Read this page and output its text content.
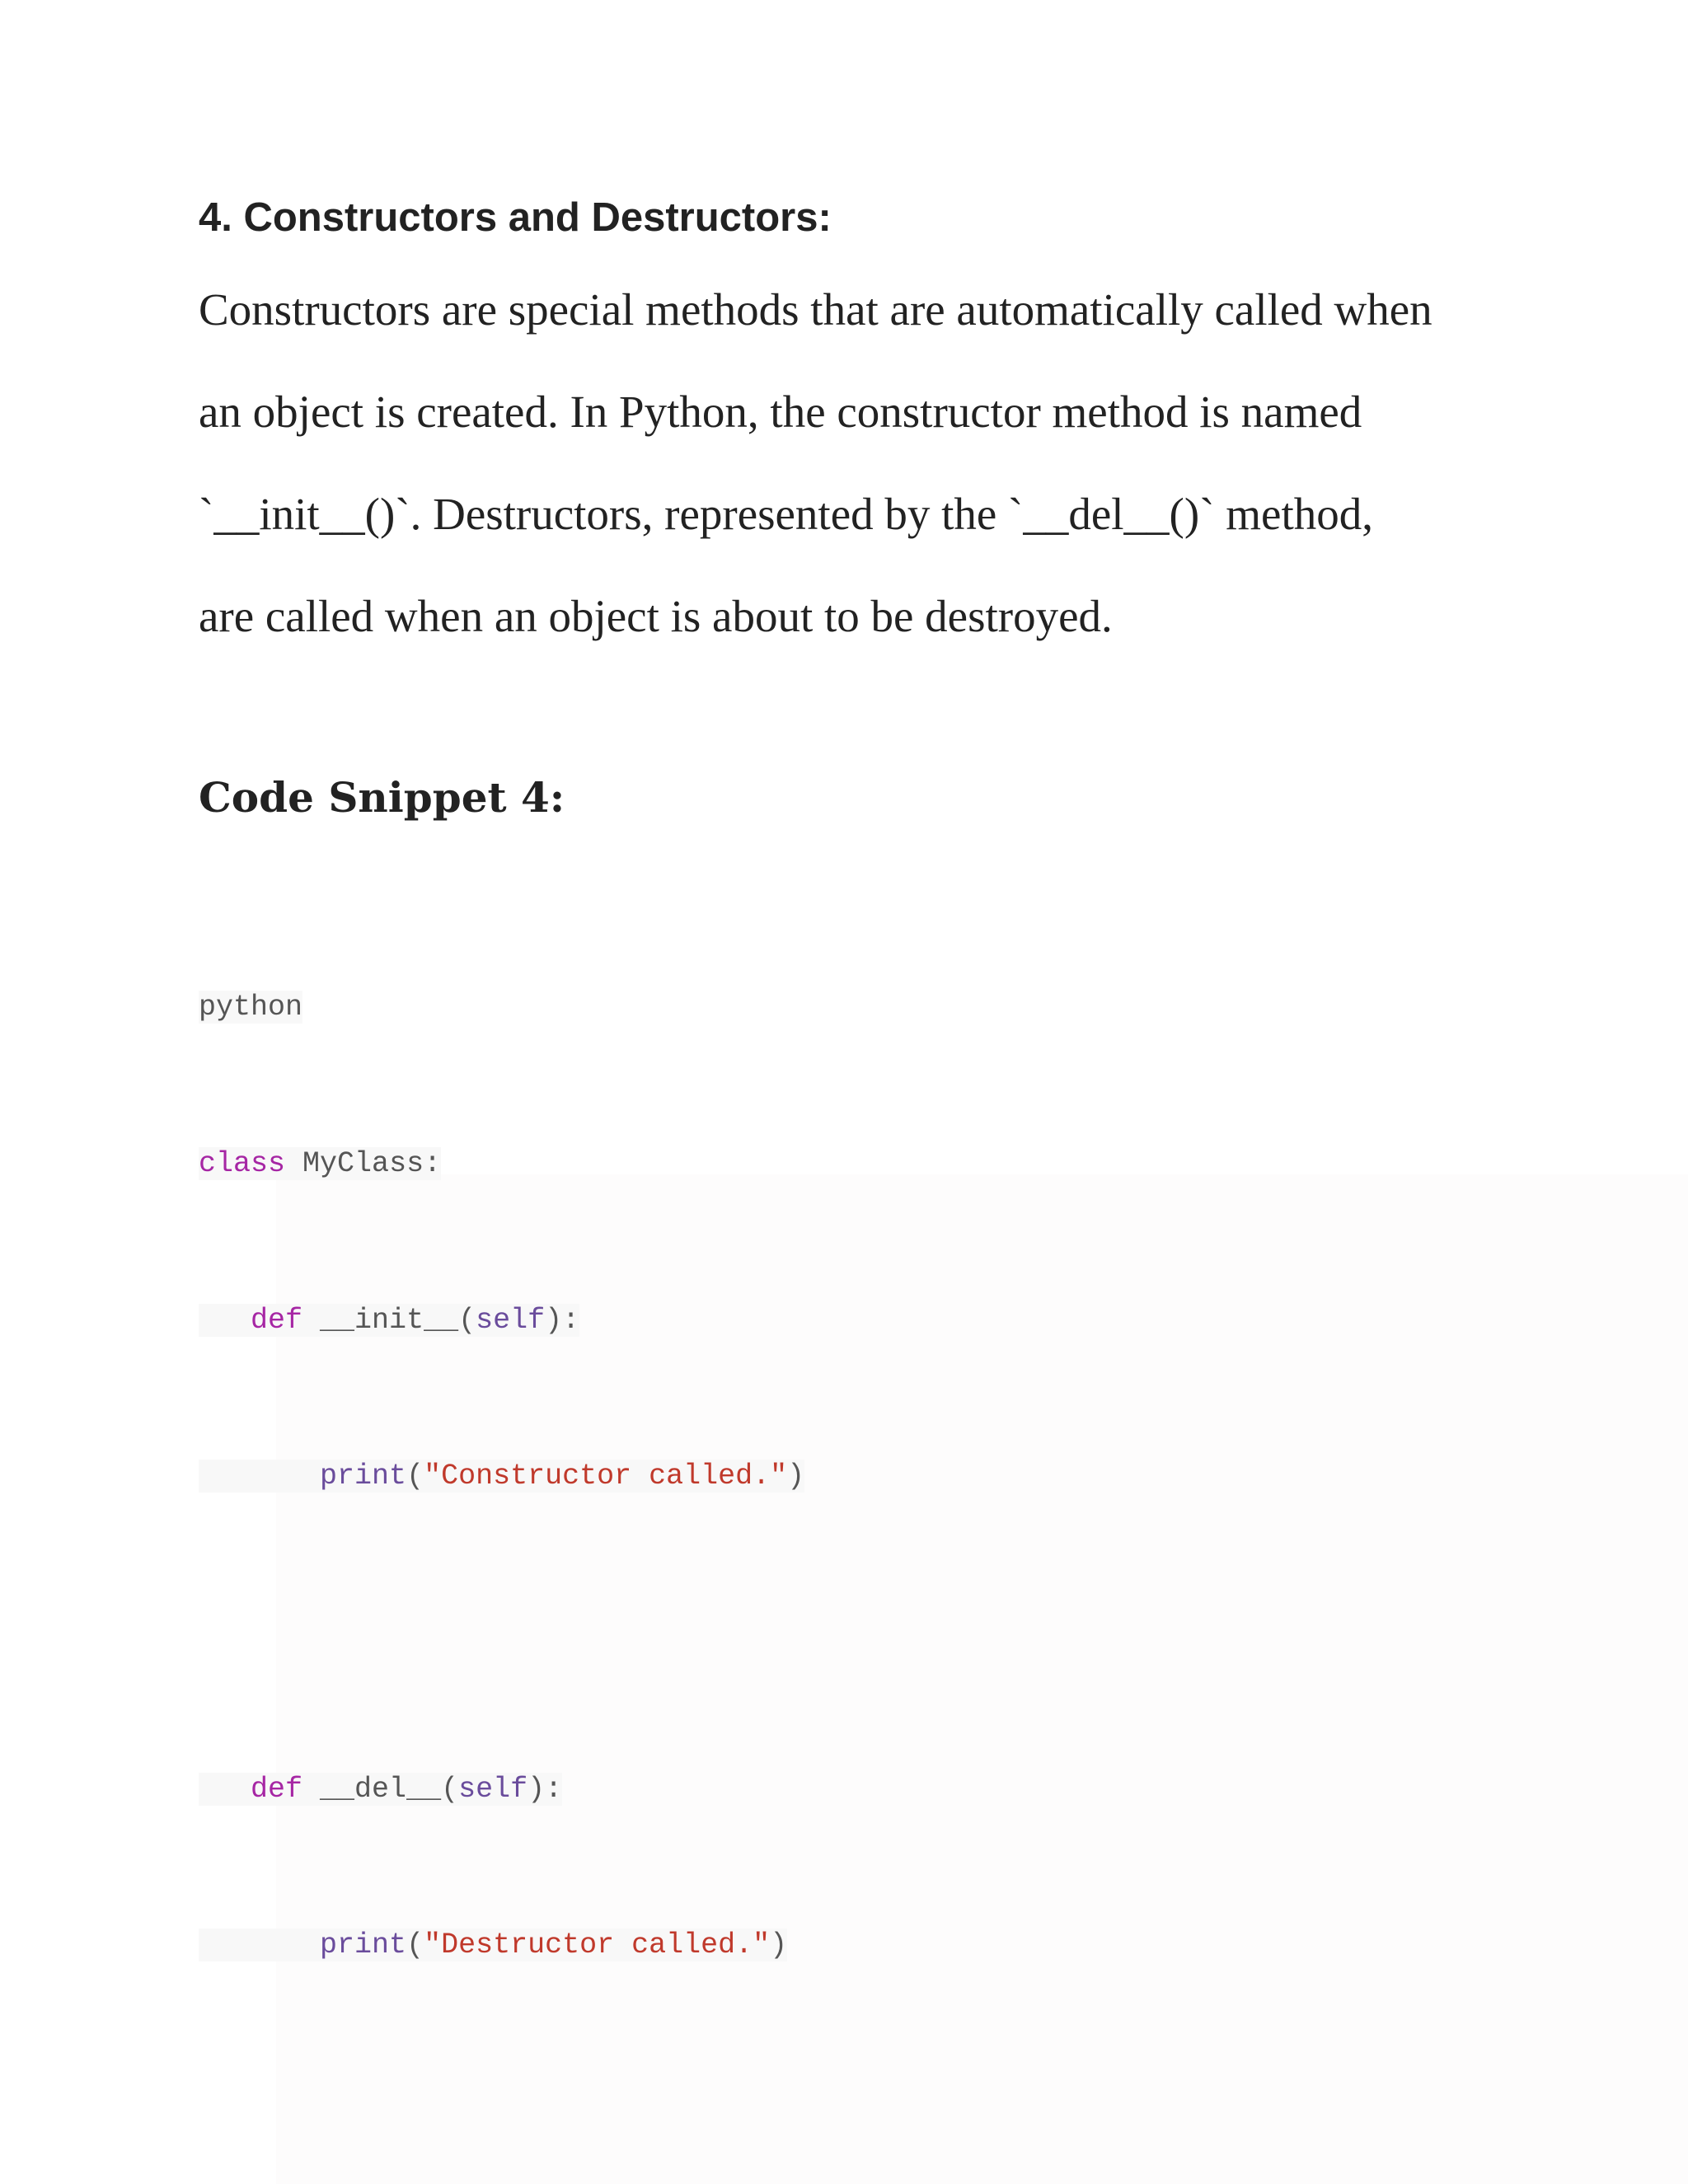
4. Constructors and Destructors:

Constructors are special methods that are automatically called when

an object is created. In Python, the constructor method is named

`__init__()`. Destructors, represented by the `__del__()` method,

are called when an object is about to be destroyed.

Code Snippet 4:
python
class MyClass:
def __init__(self):
print("Constructor called.")
def __del__(self):
print("Destructor called.")
